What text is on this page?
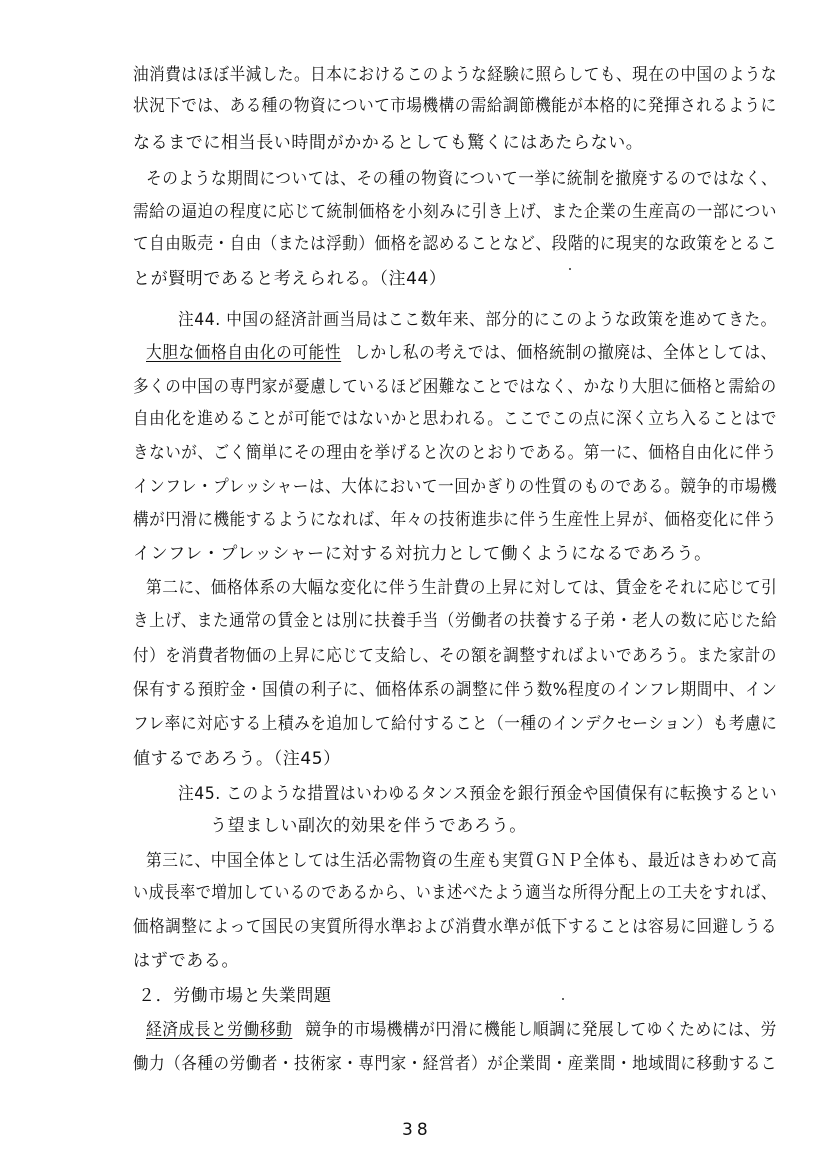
油消費はほぼ半減した。日本におけるこのような経験に照らしても、現在の中国のような
状況下では、ある種の物資について市場機構の需給調節機能が本格的に発揮されるように
なるまでに相当長い時間がかかるとしても驚くにはあたらない。
そのような期間については、その種の物資について一挙に統制を撤廃するのではなく、
需給の逼迫の程度に応じて統制価格を小刻みに引き上げ、また企業の生産高の一部につい
て自由販売・自由（または浮動）価格を認めることなど、段階的に現実的な政策をとるこ
とが賢明であると考えられる。（注44）
注44. 中国の経済計画当局はここ数年来、部分的にこのような政策を進めてきた。
大胆な価格自由化の可能性 しかし私の考えでは、価格統制の撤廃は、全体としては、
多くの中国の専門家が憂慮しているほど困難なことではなく、かなり大胆に価格と需給の
自由化を進めることが可能ではないかと思われる。ここでこの点に深く立ち入ることはで
きないが、ごく簡単にその理由を挙げると次のとおりである。第一に、価格自由化に伴う
インフレ・プレッシャーは、大体において一回かぎりの性質のものである。競争的市場機
構が円滑に機能するようになれば、年々の技術進歩に伴う生産性上昇が、価格変化に伴う
インフレ・プレッシャーに対する対抗力として働くようになるであろう。
第二に、価格体系の大幅な変化に伴う生計費の上昇に対しては、賃金をそれに応じて引
き上げ、また通常の賃金とは別に扶養手当（労働者の扶養する子弟・老人の数に応じた給
付）を消費者物価の上昇に応じて支給し、その額を調整すればよいであろう。また家計の
保有する預貯金・国債の利子に、価格体系の調整に伴う数%程度のインフレ期間中、イン
フレ率に対応する上積みを追加して給付すること（一種のインデクセーション）も考慮に
値するであろう。（注45）
注45. このような措置はいわゆるタンス預金を銀行預金や国債保有に転換するとい
う望ましい副次的効果を伴うであろう。
第三に、中国全体としては生活必需物資の生産も実質ＧＮＰ全体も、最近はきわめて高
い成長率で増加しているのであるから、いま述べたよう適当な所得分配上の工夫をすれば、
価格調整によって国民の実質所得水準および消費水準が低下することは容易に回避しうる
はずである。
２．労働市場と失業問題
経済成長と労働移動 競争的市場機構が円滑に機能し順調に発展してゆくためには、労
働力（各種の労働者・技術家・専門家・経営者）が企業間・産業間・地域間に移動するこ
38
